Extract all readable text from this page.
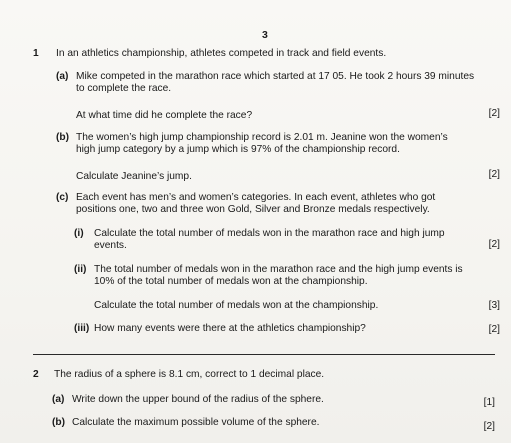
3
1 In an athletics championship, athletes competed in track and field events.
(a) Mike competed in the marathon race which started at 17 05. He took 2 hours 39 minutes
to complete the race.
At what time did he complete the race?	[2]
(b) The women’s high jump championship record is 2.01 m. Jeanine won the women’s
high jump category by a jump which is 97% of the championship record.
Calculate Jeanine’s jump.	[2]
(c) Each event has men’s and women’s categories. In each event, athletes who got
positions one, two and three won Gold, Silver and Bronze medals respectively.
(i) Calculate the total number of medals won in the marathon race and high jump
events.	[2]
(ii) The total number of medals won in the marathon race and the high jump events is
10% of the total number of medals won at the championship.
Calculate the total number of medals won at the championship.	[3]
(iii) How many events were there at the athletics championship?	[2]
2 The radius of a sphere is 8.1 cm, correct to 1 decimal place.
(a) Write down the upper bound of the radius of the sphere.	[1]
(b) Calculate the maximum possible volume of the sphere.	[2]
